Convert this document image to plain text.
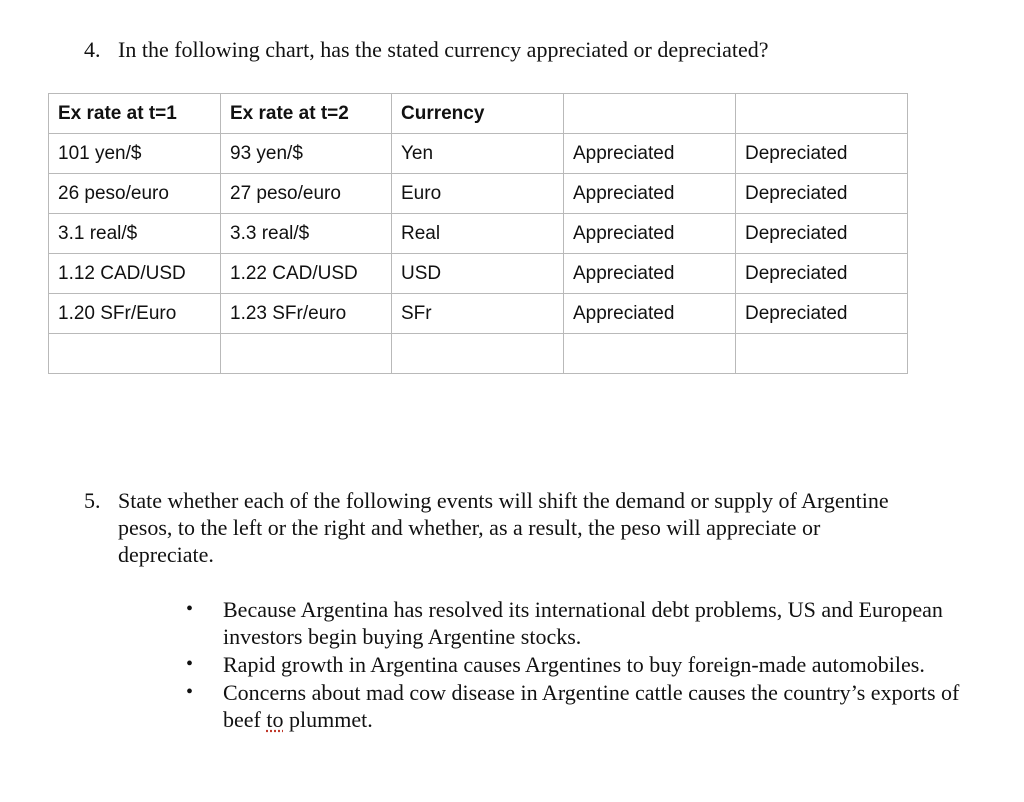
4. In the following chart, has the stated currency appreciated or depreciated?
Ex rate at t=1	Ex rate at t=2	Currency		
101 yen/$	93 yen/$	Yen	Appreciated	Depreciated
26 peso/euro	27 peso/euro	Euro	Appreciated	Depreciated
3.1 real/$	3.3 real/$	Real	Appreciated	Depreciated
1.12 CAD/USD	1.22 CAD/USD	USD	Appreciated	Depreciated
1.20 SFr/Euro	1.23 SFr/euro	SFr	Appreciated	Depreciated

5. State whether each of the following events will shift the demand or supply of Argentine pesos, to the left or the right and whether, as a result, the peso will appreciate or depreciate.
• Because Argentina has resolved its international debt problems, US and European investors begin buying Argentine stocks.
• Rapid growth in Argentina causes Argentines to buy foreign-made automobiles.
• Concerns about mad cow disease in Argentine cattle causes the country’s exports of beef to plummet.
